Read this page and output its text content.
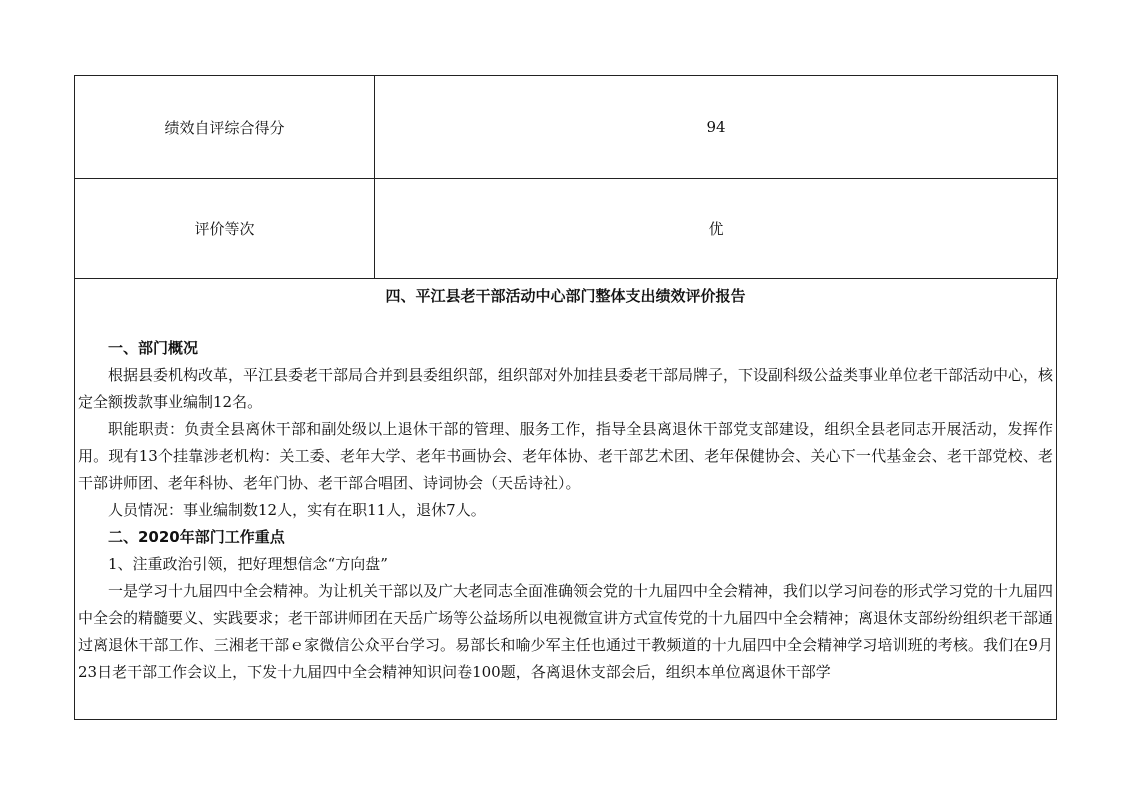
绩效自评综合得分	94
评价等次	优
四、平江县老干部活动中心部门整体支出绩效评价报告
一、部门概况
根据县委机构改革，平江县委老干部局合并到县委组织部，组织部对外加挂县委老干部局牌子，下设副科级公益类事业单位老干部活动中心，核定全额拨款事业编制12名。
职能职责：负责全县离休干部和副处级以上退休干部的管理、服务工作，指导全县离退休干部党支部建设，组织全县老同志开展活动，发挥作用。现有13个挂靠涉老机构：关工委、老年大学、老年书画协会、老年体协、老干部艺术团、老年保健协会、关心下一代基金会、老干部党校、老干部讲师团、老年科协、老年门协、老干部合唱团、诗词协会（天岳诗社）。
人员情况：事业编制数12人，实有在职11人，退休7人。
二、2020年部门工作重点
1、注重政治引领，把好理想信念“方向盘”
一是学习十九届四中全会精神。为让机关干部以及广大老同志全面准确领会党的十九届四中全会精神，我们以学习问卷的形式学习党的十九届四中全会的精髓要义、实践要求；老干部讲师团在天岳广场等公益场所以电视微宣讲方式宣传党的十九届四中全会精神；离退休支部纷纷组织老干部通过离退休干部工作、三湘老干部ｅ家微信公众平台学习。易部长和喻少军主任也通过干教频道的十九届四中全会精神学习培训班的考核。我们在9月23日老干部工作会议上，下发十九届四中全会精神知识问卷100题，各离退休支部会后，组织本单位离退休干部学
